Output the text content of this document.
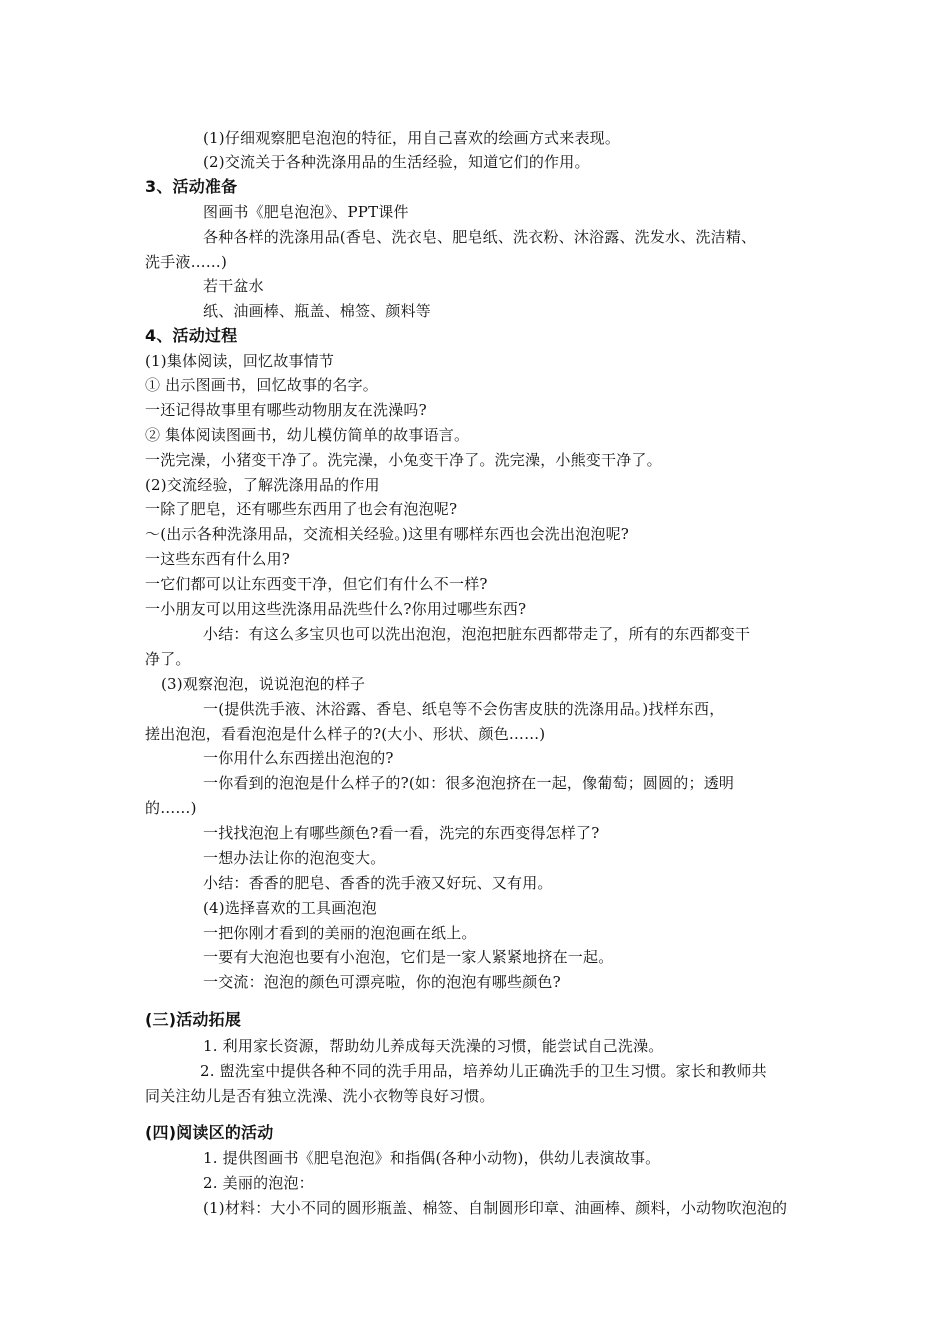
(1)仔细观察肥皂泡泡的特征，用自己喜欢的绘画方式来表现。
(2)交流关于各种洗涤用品的生活经验，知道它们的作用。
3、活动准备
图画书《肥皂泡泡》、PPT课件
各种各样的洗涤用品(香皂、洗衣皂、肥皂纸、洗衣粉、沐浴露、洗发水、洗洁精、
洗手液……)
若干盆水
纸、油画棒、瓶盖、棉签、颜料等
4、活动过程
(1)集体阅读，回忆故事情节
① 出示图画书，回忆故事的名字。
一还记得故事里有哪些动物朋友在洗澡吗?
② 集体阅读图画书，幼儿模仿简单的故事语言。
一洗完澡，小猪变干净了。洗完澡，小兔变干净了。洗完澡，小熊变干净了。
(2)交流经验，了解洗涤用品的作用
一除了肥皂，还有哪些东西用了也会有泡泡呢?
～(出示各种洗涤用品，交流相关经验。)这里有哪样东西也会洗出泡泡呢?
一这些东西有什么用?
一它们都可以让东西变干净，但它们有什么不一样?
一小朋友可以用这些洗涤用品洗些什么?你用过哪些东西?
小结：有这么多宝贝也可以洗出泡泡，泡泡把脏东西都带走了，所有的东西都变干
净了。
(3)观察泡泡，说说泡泡的样子
一(提供洗手液、沐浴露、香皂、纸皂等不会伤害皮肤的洗涤用品。)找样东西，
搓出泡泡，看看泡泡是什么样子的?(大小、形状、颜色……)
一你用什么东西搓出泡泡的?
一你看到的泡泡是什么样子的?(如：很多泡泡挤在一起，像葡萄；圆圆的；透明
的……)
一找找泡泡上有哪些颜色?看一看，洗完的东西变得怎样了?
一想办法让你的泡泡变大。
小结：香香的肥皂、香香的洗手液又好玩、又有用。
(4)选择喜欢的工具画泡泡
一把你刚才看到的美丽的泡泡画在纸上。
一要有大泡泡也要有小泡泡，它们是一家人紧紧地挤在一起。
一交流：泡泡的颜色可漂亮啦，你的泡泡有哪些颜色?
(三)活动拓展
1. 利用家长资源，帮助幼儿养成每天洗澡的习惯，能尝试自己洗澡。
2. 盥洗室中提供各种不同的洗手用品，培养幼儿正确洗手的卫生习惯。家长和教师共
同关注幼儿是否有独立洗澡、洗小衣物等良好习惯。
(四)阅读区的活动
1. 提供图画书《肥皂泡泡》和指偶(各种小动物)，供幼儿表演故事。
2. 美丽的泡泡：
(1)材料：大小不同的圆形瓶盖、棉签、自制圆形印章、油画棒、颜料，小动物吹泡泡的
